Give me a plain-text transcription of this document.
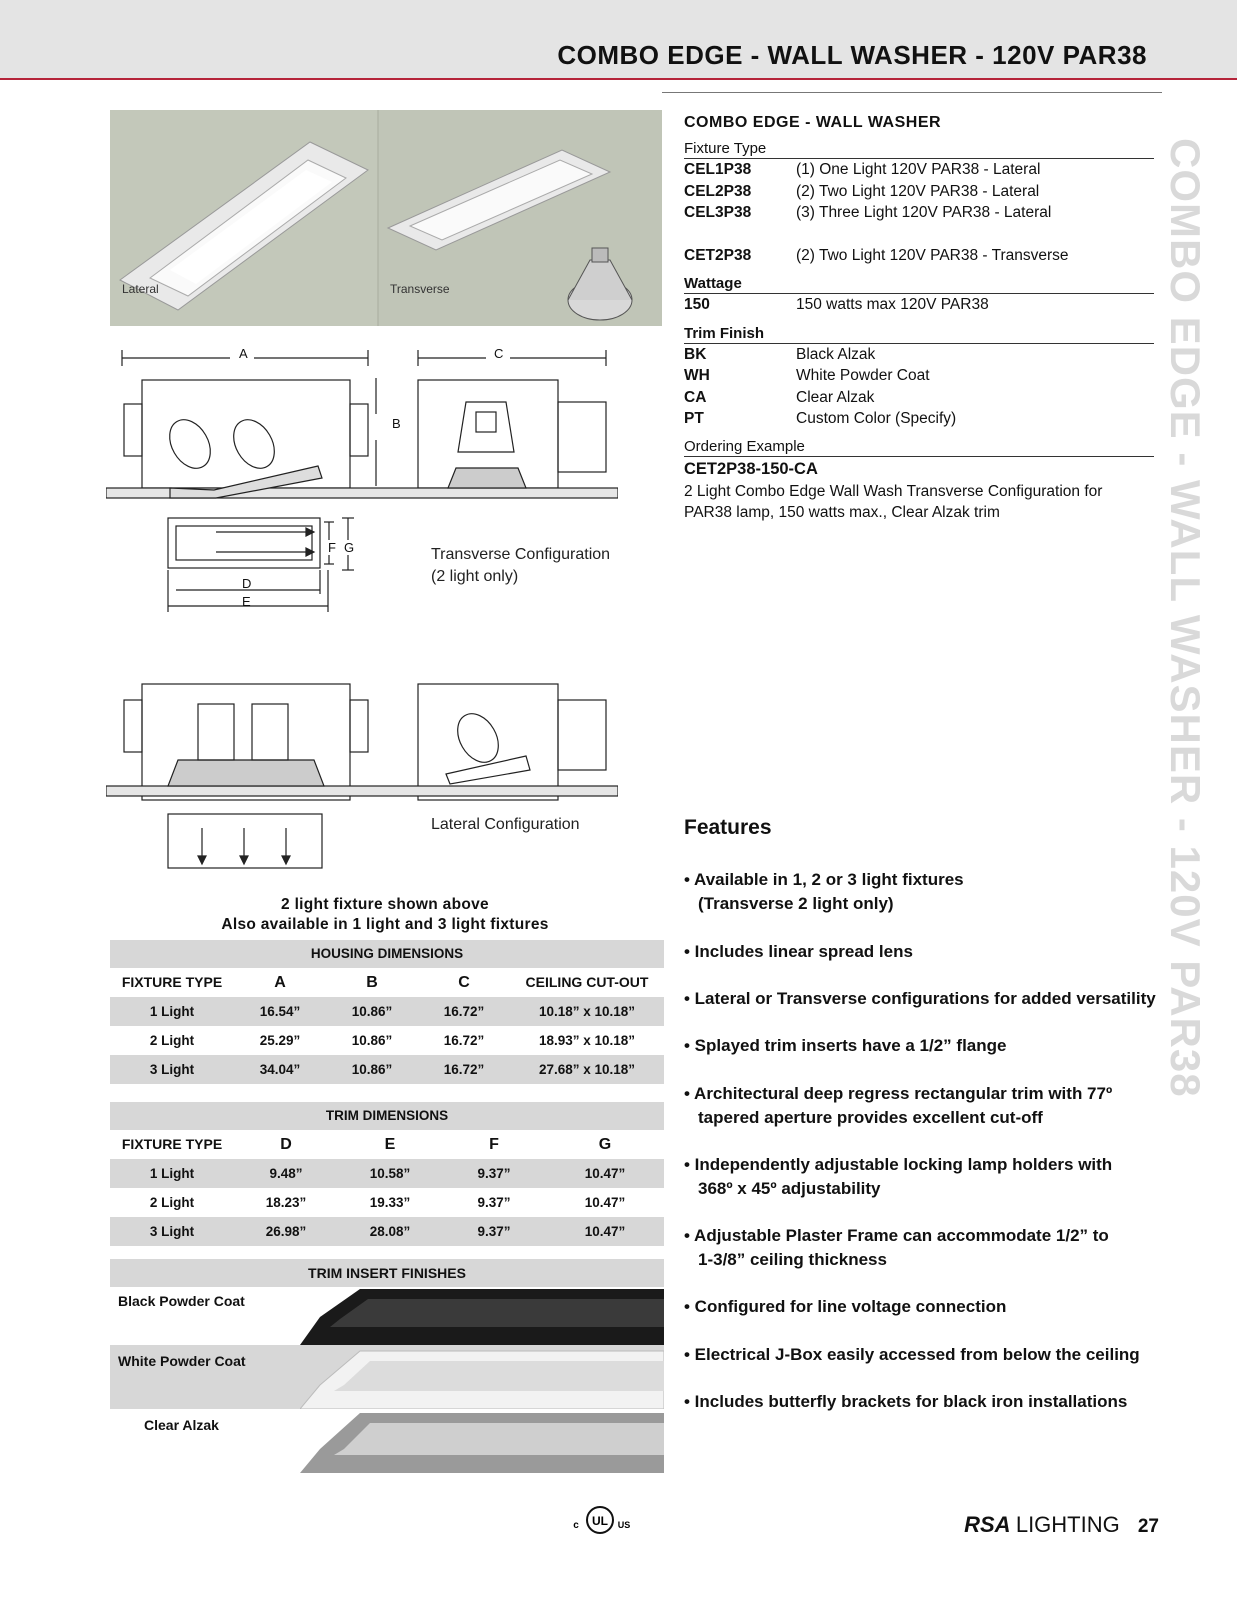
COMBO EDGE - WALL WASHER - 120V PAR38
COMBO EDGE - WALL WASHER - 120V PAR38
Lateral	Transverse
A	C
B
F G
D
E
Transverse Configuration
(2 light only)
Lateral Configuration
2 light fixture shown above
Also available in 1 light and 3 light fixtures
HOUSING DIMENSIONS
FIXTURE TYPE	A	B	C	CEILING CUT-OUT
1 Light	16.54”	10.86”	16.72”	10.18” x 10.18”
2 Light	25.29”	10.86”	16.72”	18.93” x 10.18”
3 Light	34.04”	10.86”	16.72”	27.68” x 10.18”
TRIM DIMENSIONS
FIXTURE TYPE	D	E	F	G
1 Light	9.48”	10.58”	9.37”	10.47”
2 Light	18.23”	19.33”	9.37”	10.47”
3 Light	26.98”	28.08”	9.37”	10.47”
TRIM INSERT FINISHES
Black Powder Coat
White Powder Coat
Clear Alzak
COMBO EDGE - WALL WASHER
Fixture Type
CEL1P38	(1) One Light 120V PAR38 - Lateral
CEL2P38	(2) Two Light 120V PAR38 - Lateral
CEL3P38	(3) Three Light 120V PAR38 - Lateral
CET2P38	(2) Two Light 120V PAR38 - Transverse
Wattage
150	150 watts max 120V PAR38
Trim Finish
BK	Black Alzak
WH	White Powder Coat
CA	Clear Alzak
PT	Custom Color (Specify)
Ordering Example
CET2P38-150-CA
2 Light Combo Edge Wall Wash Transverse Configuration for
PAR38 lamp, 150 watts max., Clear Alzak trim
Features
• Available in 1, 2 or 3 light fixtures
(Transverse 2 light only)
• Includes linear spread lens
• Lateral or Transverse configurations for added versatility
• Splayed trim inserts have a 1/2” flange
• Architectural deep regress rectangular trim with 77º
tapered aperture provides excellent cut-off
• Independently adjustable locking lamp holders with
368º x 45º adjustability
• Adjustable Plaster Frame can accommodate 1/2” to
1-3/8” ceiling thickness
• Configured for line voltage connection
• Electrical J-Box easily accessed from below the ceiling
• Includes butterfly brackets for black iron installations
UL
c	US	RSA LIGHTING 27
